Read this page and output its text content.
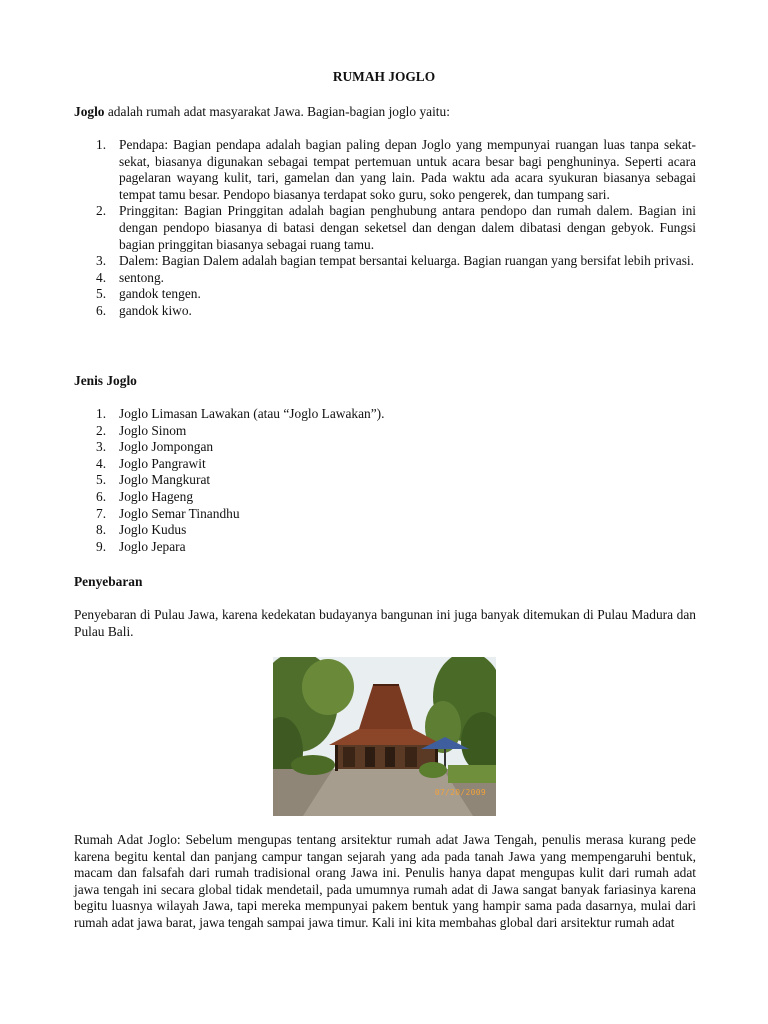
RUMAH JOGLO
Joglo adalah rumah adat masyarakat Jawa. Bagian-bagian joglo yaitu:
1. Pendapa: Bagian pendapa adalah bagian paling depan Joglo yang mempunyai ruangan luas tanpa sekat-sekat, biasanya digunakan sebagai tempat pertemuan untuk acara besar bagi penghuninya. Seperti acara pagelaran wayang kulit, tari, gamelan dan yang lain. Pada waktu ada acara syukuran biasanya sebagai tempat tamu besar. Pendopo biasanya terdapat soko guru, soko pengerek, dan tumpang sari.
2. Pringgitan: Bagian Pringgitan adalah bagian penghubung antara pendopo dan rumah dalem. Bagian ini dengan pendopo biasanya di batasi dengan seketsel dan dengan dalem dibatasi dengan gebyok. Fungsi bagian pringgitan biasanya sebagai ruang tamu.
3. Dalem: Bagian Dalem adalah bagian tempat bersantai keluarga. Bagian ruangan yang bersifat lebih privasi.
4. sentong.
5. gandok tengen.
6. gandok kiwo.
Jenis Joglo
1. Joglo Limasan Lawakan (atau “Joglo Lawakan”).
2. Joglo Sinom
3. Joglo Jompongan
4. Joglo Pangrawit
5. Joglo Mangkurat
6. Joglo Hageng
7. Joglo Semar Tinandhu
8. Joglo Kudus
9. Joglo Jepara
Penyebaran
Penyebaran di Pulau Jawa, karena kedekatan budayanya bangunan ini juga banyak ditemukan di Pulau Madura dan Pulau Bali.
07/20/2009
Rumah Adat Joglo: Sebelum mengupas tentang arsitektur rumah adat Jawa Tengah, penulis merasa kurang pede karena begitu kental dan panjang campur tangan sejarah yang ada pada tanah Jawa yang mempengaruhi bentuk, macam dan falsafah dari rumah tradisional orang Jawa ini. Penulis hanya dapat mengupas kulit dari rumah adat jawa tengah ini secara global tidak mendetail, pada umumnya rumah adat di Jawa sangat banyak fariasinya karena begitu luasnya wilayah Jawa, tapi mereka mempunyai pakem bentuk yang hampir sama pada dasarnya, mulai dari rumah adat jawa barat, jawa tengah sampai jawa timur. Kali ini kita membahas global dari arsitektur rumah adat
